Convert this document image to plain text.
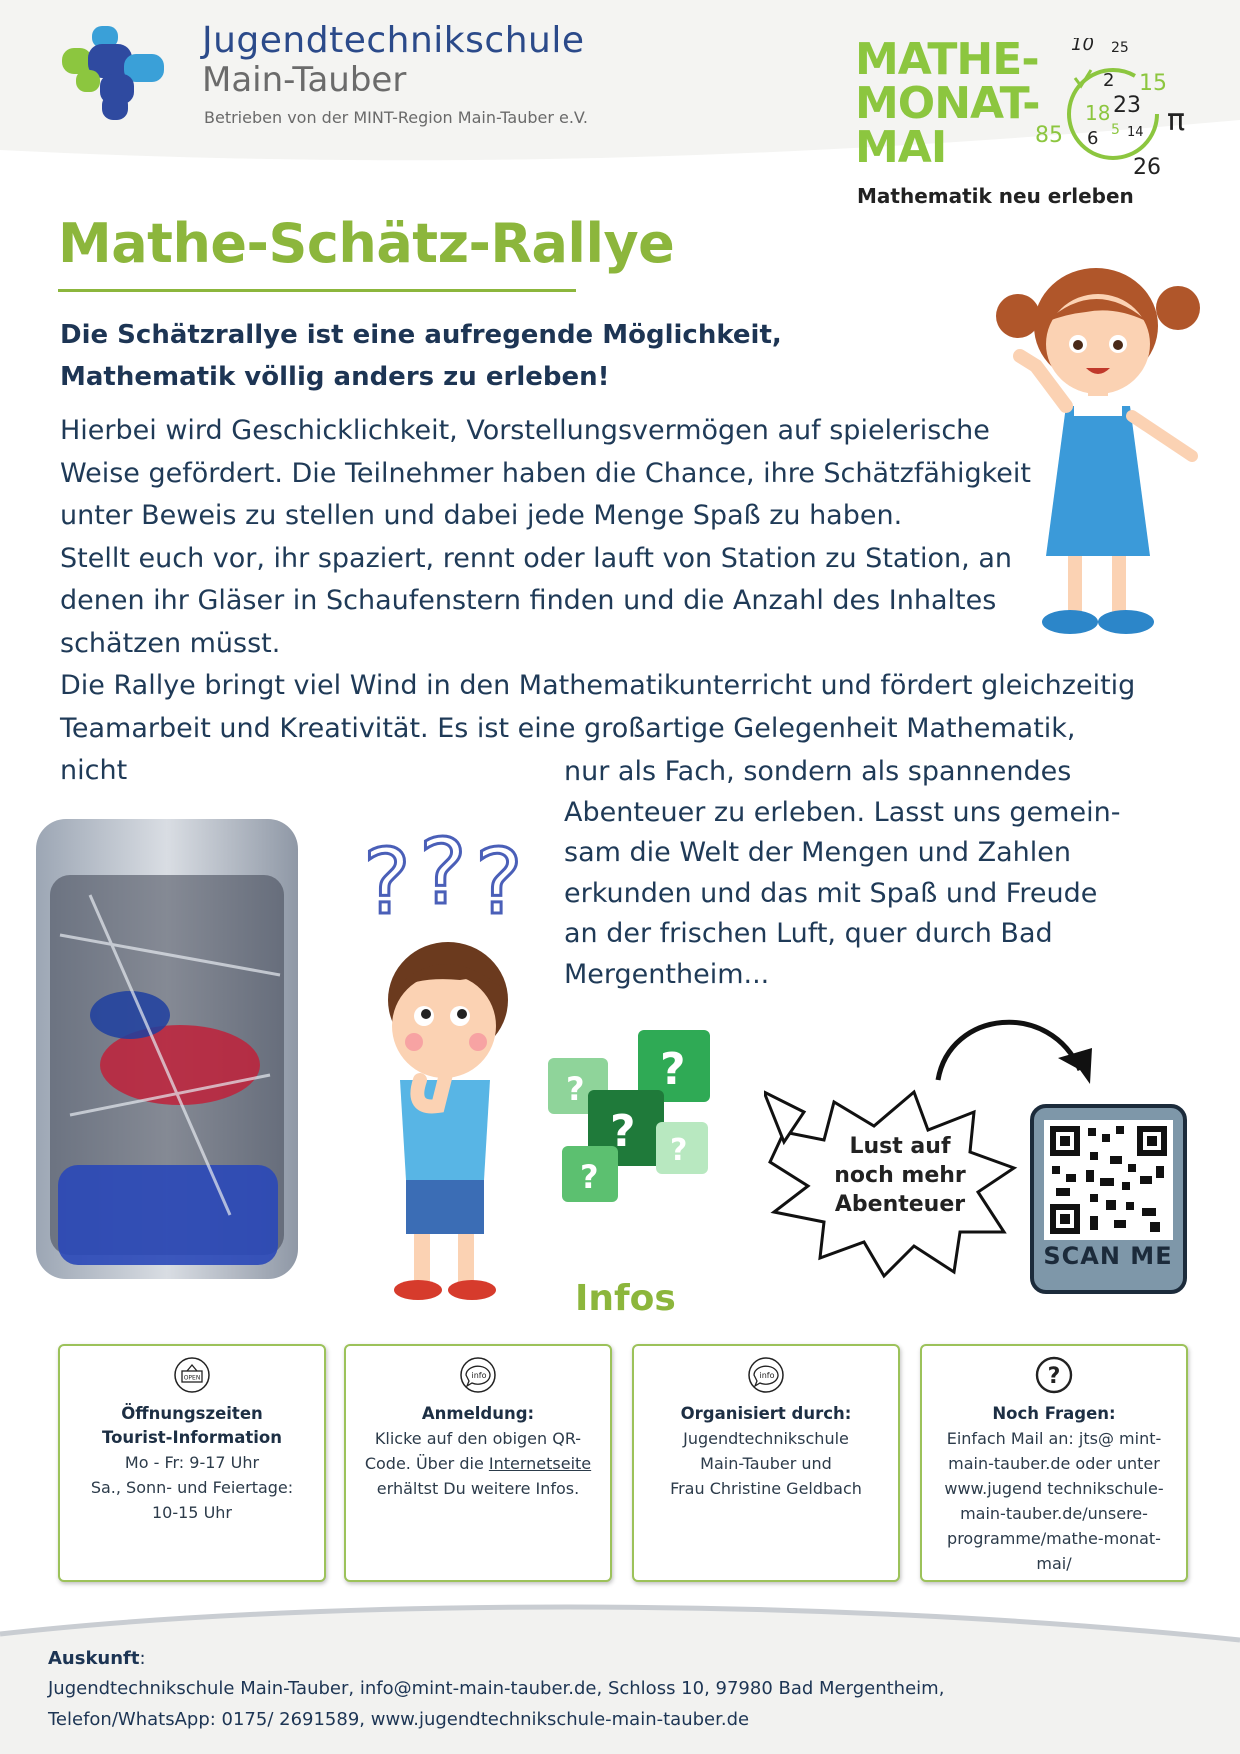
Jugendtechnikschule
Main-Tauber
Betrieben von der MINT-Region Main-Tauber e.V.
MATHE-
MONAT-
MAI
10 25
2 15
23
18
85	5 14
6
26
π
Mathematik neu erleben
Mathe-Schätz-Rallye
Die Schätzrallye ist eine aufregende Möglichkeit,
Mathematik völlig anders zu erleben!

Hierbei wird Geschicklichkeit, Vorstellungsvermögen auf spielerische

Weise gefördert. Die Teilnehmer haben die Chance, ihre Schätzfähigkeit

unter Beweis zu stellen und dabei jede Menge Spaß zu haben.

Stellt euch vor, ihr spaziert, rennt oder lauft von Station zu Station, an

denen ihr Gläser in Schaufenstern finden und die Anzahl des Inhaltes

schätzen müsst.

Die Rallye bringt viel Wind in den Mathematikunterricht und fördert gleichzeitig

Teamarbeit und Kreativität. Es ist eine großartige Gelegenheit Mathematik, nicht	nur als Fach, sondern als spannendes

Abenteuer zu erleben. Lasst uns gemein-

sam die Welt der Mengen und Zahlen

erkunden und das mit Spaß und Freude

an der frischen Luft, quer durch Bad

Mergentheim...

? ? ?
? ?
? ?
?
Lust auf
noch mehr
Abenteuer
SCAN ME
Infos
OPEN
Öffnungszeiten
Tourist-Information
Mo - Fr: 9-17 Uhr
Sa., Sonn- und Feiertage:
10-15 Uhr
info
Anmeldung:
Klicke auf den obigen QR-
Code. Über die Internetseite
erhältst Du weitere Infos.
info
Organisiert durch:
Jugendtechnikschule
Main-Tauber und
Frau Christine Geldbach
?
Noch Fragen:
Einfach Mail an: jts@ mint-
main-tauber.de oder unter
www.jugend technikschule-
main-tauber.de/unsere-
programme/mathe-monat-
mai/
Auskunft:
Jugendtechnikschule Main-Tauber, info@mint-main-tauber.de, Schloss 10, 97980 Bad Mergentheim,
Telefon/WhatsApp: 0175/ 2691589, www.jugendtechnikschule-main-tauber.de
